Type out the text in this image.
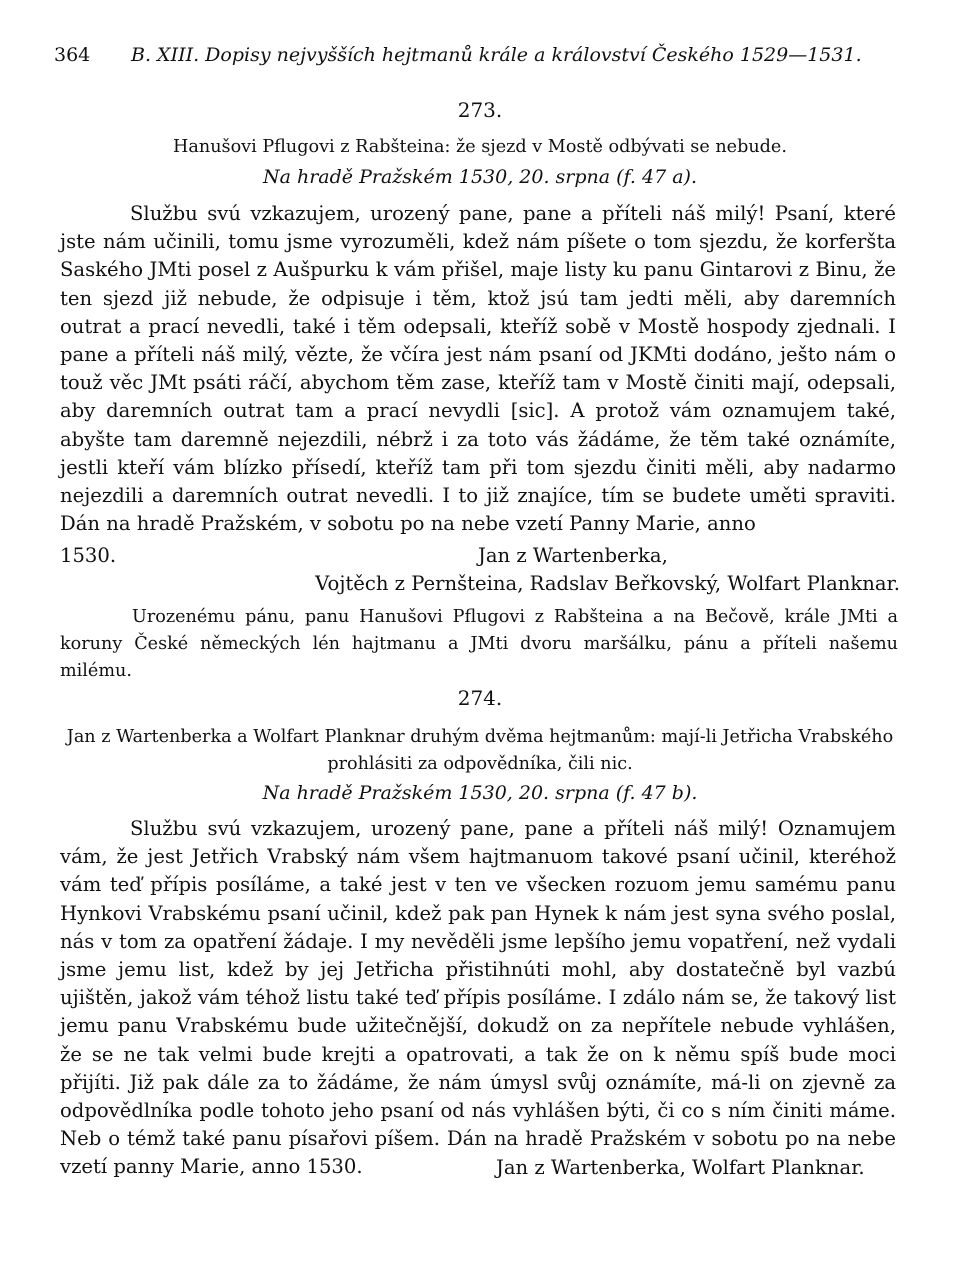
364 B. XIII. Dopisy nejvyšších hejtmanů krále a království Českého 1529—1531.
273.
Hanušovi Pflugovi z Rabšteina: že sjezd v Mostě odbývati se nebude.
Na hradě Pražském 1530, 20. srpna (f. 47 a).

Službu svú vzkazujem, urozený pane, pane a příteli náš milý! Psaní, které jste nám učinili, tomu jsme vyrozuměli, kdež nám píšete o tom sjezdu, že korferšta Saského JMti posel z Aušpurku k vám přišel, maje listy ku panu Gintarovi z Binu, že ten sjezd již nebude, že odpisuje i těm, ktož jsú tam jedti měli, aby daremních outrat a prací nevedli, také i těm odepsali, kteříž sobě v Mostě hospody zjednali. I pane a příteli náš milý, vězte, že včíra jest nám psaní od JKMti dodáno, ješto nám o touž věc JMt psáti ráčí, abychom těm zase, kteříž tam v Mostě činiti mají, odepsali, aby daremních outrat tam a prací nevydli [sic]. A protož vám oznamujem také, abyšte tam daremně nejezdili, nébrž i za toto vás žádáme, že těm také oznámíte, jestli kteří vám blízko přísedí, kteříž tam při tom sjezdu činiti měli, aby nadarmo nejezdili a daremních outrat nevedli. I to již znajíce, tím se budete uměti spraviti. Dán na hradě Pražském, v sobotu po na nebe vzetí Panny Marie, anno

1530.	Jan z Wartenberka,
Vojtěch z Pernšteina, Radslav Beřkovský, Wolfart Planknar.

Urozenému pánu, panu Hanušovi Pflugovi z Rabšteina a na Bečově, krále JMti a koruny České německých lén hajtmanu a JMti dvoru maršálku, pánu a příteli našemu milému.

274.
Jan z Wartenberka a Wolfart Planknar druhým dvěma hejtmanům: mají-li Jetřicha Vrabského
prohlásiti za odpovědníka, čili nic.
Na hradě Pražském 1530, 20. srpna (f. 47 b).

Službu svú vzkazujem, urozený pane, pane a příteli náš milý! Oznamujem vám, že jest Jetřich Vrabský nám všem hajtmanuom takové psaní učinil, kteréhož vám teď přípis posíláme, a také jest v ten ve všecken rozuom jemu samému panu Hynkovi Vrabskému psaní učinil, kdež pak pan Hynek k nám jest syna svého poslal, nás v tom za opatření žádaje. I my nevěděli jsme lepšího jemu vopatření, než vydali jsme jemu list, kdež by jej Jetřicha přistihnúti mohl, aby dostatečně byl vazbú ujištěn, jakož vám téhož listu také teď přípis posíláme. I zdálo nám se, že takový list jemu panu Vrabskému bude užitečnější, dokudž on za nepřítele nebude vyhlášen, že se ne tak velmi bude krejti a opatrovati, a tak že on k němu spíš bude moci přijíti. Již pak dále za to žádáme, že nám úmysl svůj oznámíte, má-li on zjevně za odpovědlníka podle tohoto jeho psaní od nás vyhlášen býti, či co s ním činiti máme. Neb o témž také panu písařovi píšem. Dán na hradě Pražském v sobotu po na nebe vzetí panny Marie, anno 1530.	Jan z Wartenberka, Wolfart Planknar.
